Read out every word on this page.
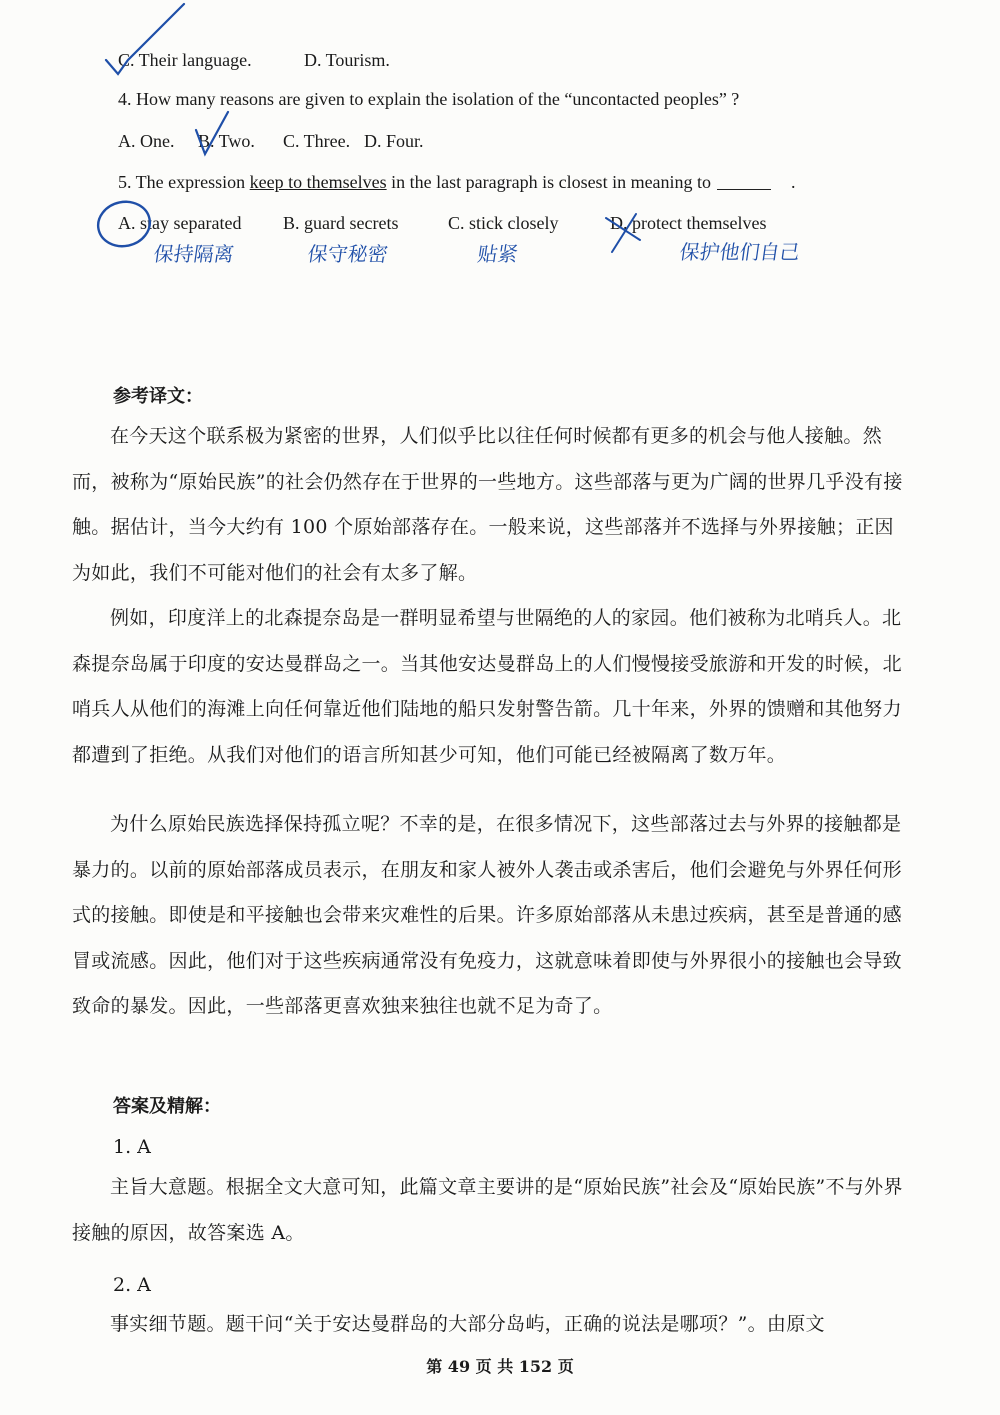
C. Their language.	D. Tourism.
4. How many reasons are given to explain the isolation of the “uncontacted peoples” ?
A. One. B. Two. C. Three. D. Four.
5. The expression keep to themselves in the last paragraph is closest in meaning to	.
A. stay separated B. guard secrets	C. stick closely	D. protect themselves
保持隔离	保守秘密	贴紧	保护他们自己
参考译文：
在今天这个联系极为紧密的世界，人们似乎比以往任何时候都有更多的机会与他人接触。然而，被称为“原始民族”的社会仍然存在于世界的一些地方。这些部落与更为广阔的世界几乎没有接触。据估计，当今大约有 100 个原始部落存在。一般来说，这些部落并不选择与外界接触；正因为如此，我们不可能对他们的社会有太多了解。
例如，印度洋上的北森提奈岛是一群明显希望与世隔绝的人的家园。他们被称为北哨兵人。北森提奈岛属于印度的安达曼群岛之一。当其他安达曼群岛上的人们慢慢接受旅游和开发的时候，北哨兵人从他们的海滩上向任何靠近他们陆地的船只发射警告箭。几十年来，外界的馈赠和其他努力都遭到了拒绝。从我们对他们的语言所知甚少可知，他们可能已经被隔离了数万年。
为什么原始民族选择保持孤立呢？不幸的是，在很多情况下，这些部落过去与外界的接触都是暴力的。以前的原始部落成员表示，在朋友和家人被外人袭击或杀害后，他们会避免与外界任何形式的接触。即使是和平接触也会带来灾难性的后果。许多原始部落从未患过疾病，甚至是普通的感冒或流感。因此，他们对于这些疾病通常没有免疫力，这就意味着即使与外界很小的接触也会导致致命的暴发。因此，一些部落更喜欢独来独往也就不足为奇了。
答案及精解：
1. A
主旨大意题。根据全文大意可知，此篇文章主要讲的是“原始民族”社会及“原始民族”不与外界接触的原因，故答案选 A。
2. A
事实细节题。题干问“关于安达曼群岛的大部分岛屿，正确的说法是哪项？”。由原文
第 49 页 共 152 页
